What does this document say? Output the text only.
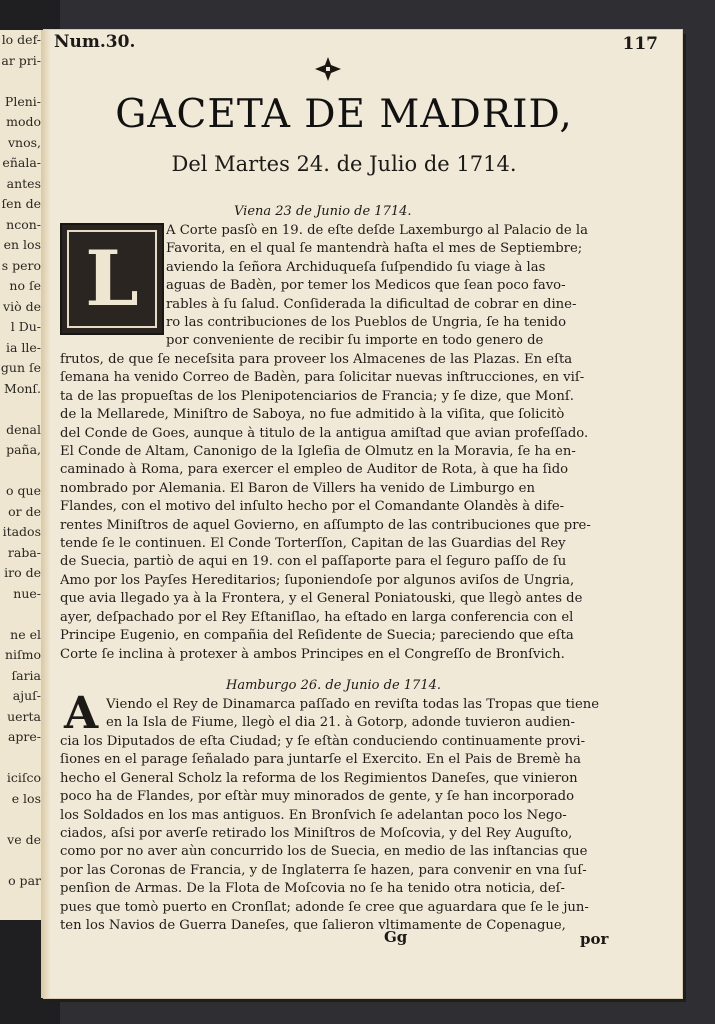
lo def-
ar pri-

Pleni-
modo
vnos,
eñala-
antes
ſen de
ncon-
en los
s pero
no ſe
viò de
l Du-
ia lle-
gun ſe
Monſ.

denal
paña,

o que
or de
itados
raba-
iro de
nue-

ne el
niſmo
ſaria
ajuſ-
uerta
apre-

iciſco
e los

ve de

o par
Num.30.	117
GACETA DE MADRID,
Del Martes 24. de Julio de 1714.
Viena 23 de Junio de 1714.
L
A Corte pasſò en 19. de eſte deſde Laxemburgo al Palacio de la
Favorita, en el qual ſe mantendrà haſta el mes de Septiembre;
aviendo la ſeñora Archiduqueſa ſuſpendido ſu viage à las
aguas de Badèn, por temer los Medicos que ſean poco favo-
rables à ſu ſalud. Conſiderada la dificultad de cobrar en dine-
ro las contribuciones de los Pueblos de Ungria, ſe ha tenido
por conveniente de recibir ſu importe en todo genero de
frutos, de que ſe neceſsita para proveer los Almacenes de las Plazas. En eſta
ſemana ha venido Correo de Badèn, para ſolicitar nuevas inſtrucciones, en viſ-
ta de las propueſtas de los Plenipotenciarios de Francia; y ſe dize, que Monſ.
de la Mellarede, Miniſtro de Saboya, no fue admitido à la viſita, que ſolicitò
del Conde de Goes, aunque à titulo de la antigua amiſtad que avian profeſſado.
El Conde de Altam, Canonigo de la Igleſia de Olmutz en la Moravia, ſe ha en-
caminado à Roma, para exercer el empleo de Auditor de Rota, à que ha ſido
nombrado por Alemania. El Baron de Villers ha venido de Limburgo en
Flandes, con el motivo del inſulto hecho por el Comandante Olandès à dife-
rentes Miniſtros de aquel Govierno, en aſſumpto de las contribuciones que pre-
tende ſe le continuen. El Conde Torterſſon, Capitan de las Guardias del Rey
de Suecia, partiò de aqui en 19. con el paſſaporte para el ſeguro paſſo de ſu
Amo por los Payſes Hereditarios; ſuponiendoſe por algunos aviſos de Ungria,
que avia llegado ya à la Frontera, y el General Poniatouski, que llegò antes de
ayer, deſpachado por el Rey Eſtaniſlao, ha eſtado en larga conferencia con el
Principe Eugenio, en compañia del Reſidente de Suecia; pareciendo que eſta
Corte ſe inclina à protexer à ambos Principes en el Congreſſo de Bronſvich.
Hamburgo 26. de Junio de 1714.
A Viendo el Rey de Dinamarca paſſado en reviſta todas las Tropas que tiene
en la Isla de Fiume, llegò el dia 21. à Gotorp, adonde tuvieron audien-
cia los Diputados de eſta Ciudad; y ſe eſtàn conduciendo continuamente provi-
ſiones en el parage ſeñalado para juntarſe el Exercito. En el Pais de Bremè ha
hecho el General Scholz la reforma de los Regimientos Daneſes, que vinieron
poco ha de Flandes, por eſtàr muy minorados de gente, y ſe han incorporado
los Soldados en los mas antiguos. En Bronſvich ſe adelantan poco los Nego-
ciados, aſsi por averſe retirado los Miniſtros de Moſcovia, y del Rey Auguſto,
como por no aver aùn concurrido los de Suecia, en medio de las inſtancias que
por las Coronas de Francia, y de Inglaterra ſe hazen, para convenir en vna ſuſ-
penſion de Armas. De la Flota de Moſcovia no ſe ha tenido otra noticia, deſ-
pues que tomò puerto en Cronſlat; adonde ſe cree que aguardara que ſe le jun-
ten los Navios de Guerra Daneſes, que ſalieron vltimamente de Copenague,
Gg	por
